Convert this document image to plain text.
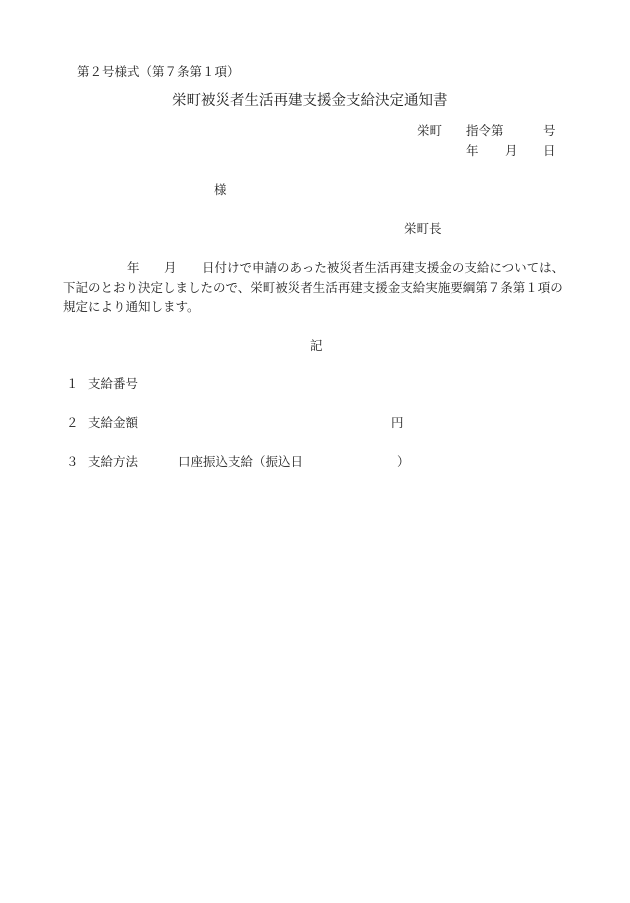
第２号様式（第７条第１項）
栄町被災者生活再建支援金支給決定通知書
栄町 指令第	号
年 月 日
様
栄町長
年 月 日付けで申請のあった被災者生活再建支援金の支給については、
下記のとおり決定しましたので、栄町被災者生活再建支援金支給実施要綱第７条第１項の
規定により通知します。
記
１ 支給番号
２ 支給金額	円
３ 支給方法	口座振込支給（振込日	）
